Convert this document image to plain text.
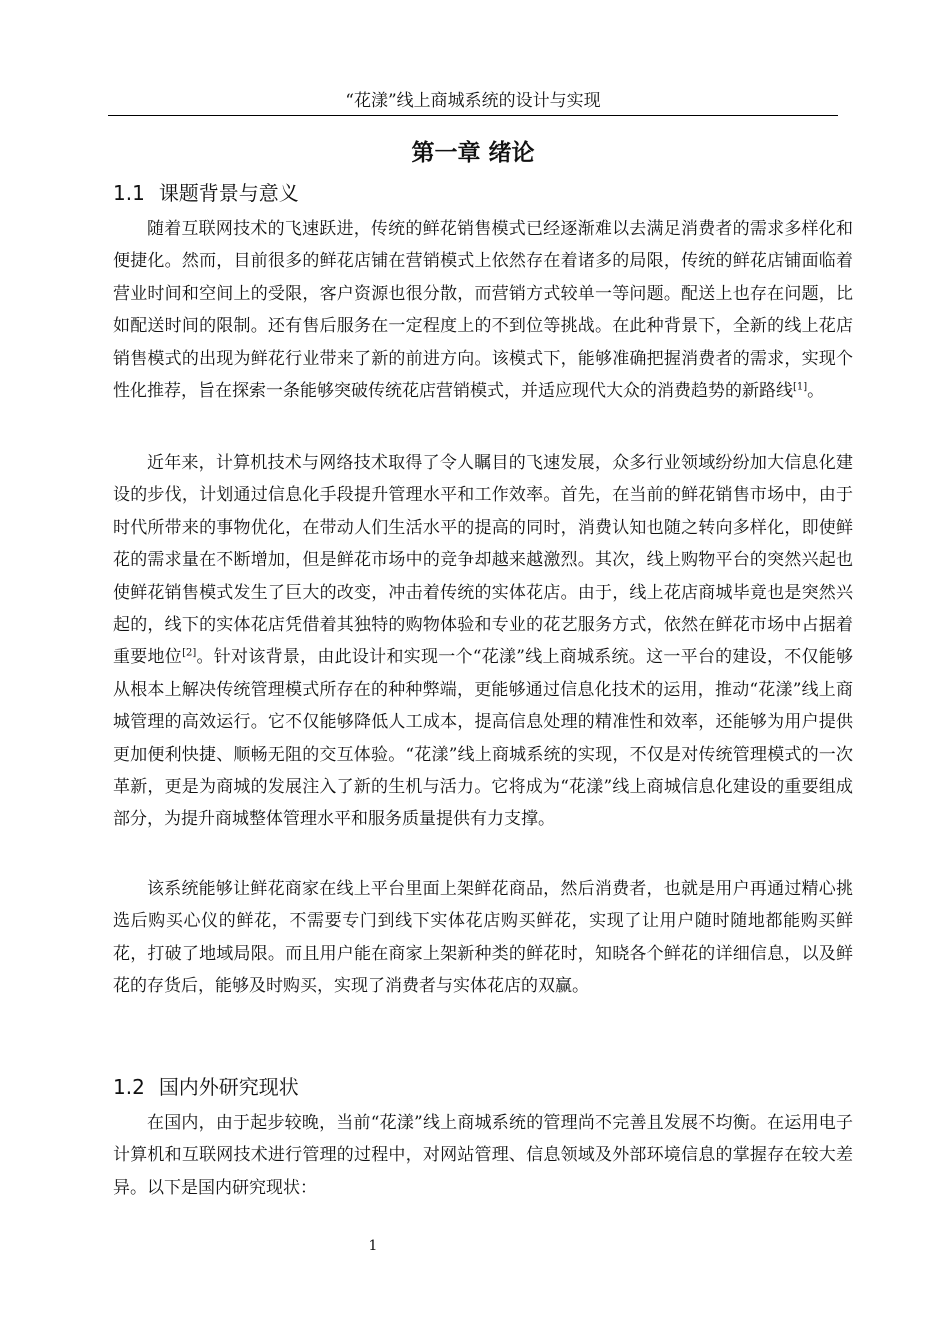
“花漾”线上商城系统的设计与实现
第一章 绪论
1.1 课题背景与意义

随着互联网技术的飞速跃进，传统的鲜花销售模式已经逐渐难以去满足消费者的需求多样化和便捷化。然而，目前很多的鲜花店铺在营销模式上依然存在着诸多的局限，传统的鲜花店铺面临着营业时间和空间上的受限，客户资源也很分散，而营销方式较单一等问题。配送上也存在问题，比如配送时间的限制。还有售后服务在一定程度上的不到位等挑战。在此种背景下，全新的线上花店销售模式的出现为鲜花行业带来了新的前进方向。该模式下，能够准确把握消费者的需求，实现个性化推荐，旨在探索一条能够突破传统花店营销模式，并适应现代大众的消费趋势的新路线[1]。

近年来，计算机技术与网络技术取得了令人瞩目的飞速发展，众多行业领域纷纷加大信息化建设的步伐，计划通过信息化手段提升管理水平和工作效率。首先，在当前的鲜花销售市场中，由于时代所带来的事物优化，在带动人们生活水平的提高的同时，消费认知也随之转向多样化，即使鲜花的需求量在不断增加，但是鲜花市场中的竞争却越来越激烈。其次，线上购物平台的突然兴起也使鲜花销售模式发生了巨大的改变，冲击着传统的实体花店。由于，线上花店商城毕竟也是突然兴起的，线下的实体花店凭借着其独特的购物体验和专业的花艺服务方式，依然在鲜花市场中占据着重要地位[2]。针对该背景，由此设计和实现一个“花漾”线上商城系统。这一平台的建设，不仅能够从根本上解决传统管理模式所存在的种种弊端，更能够通过信息化技术的运用，推动“花漾”线上商城管理的高效运行。它不仅能够降低人工成本，提高信息处理的精准性和效率，还能够为用户提供更加便利快捷、顺畅无阻的交互体验。“花漾”线上商城系统的实现，不仅是对传统管理模式的一次革新，更是为商城的发展注入了新的生机与活力。它将成为“花漾”线上商城信息化建设的重要组成部分，为提升商城整体管理水平和服务质量提供有力支撑。

该系统能够让鲜花商家在线上平台里面上架鲜花商品，然后消费者，也就是用户再通过精心挑选后购买心仪的鲜花，不需要专门到线下实体花店购买鲜花，实现了让用户随时随地都能购买鲜花，打破了地域局限。而且用户能在商家上架新种类的鲜花时，知晓各个鲜花的详细信息，以及鲜花的存货后，能够及时购买，实现了消费者与实体花店的双赢。

1.2 国内外研究现状

在国内，由于起步较晚，当前“花漾”线上商城系统的管理尚不完善且发展不均衡。在运用电子计算机和互联网技术进行管理的过程中，对网站管理、信息领域及外部环境信息的掌握存在较大差异。以下是国内研究现状：

1
